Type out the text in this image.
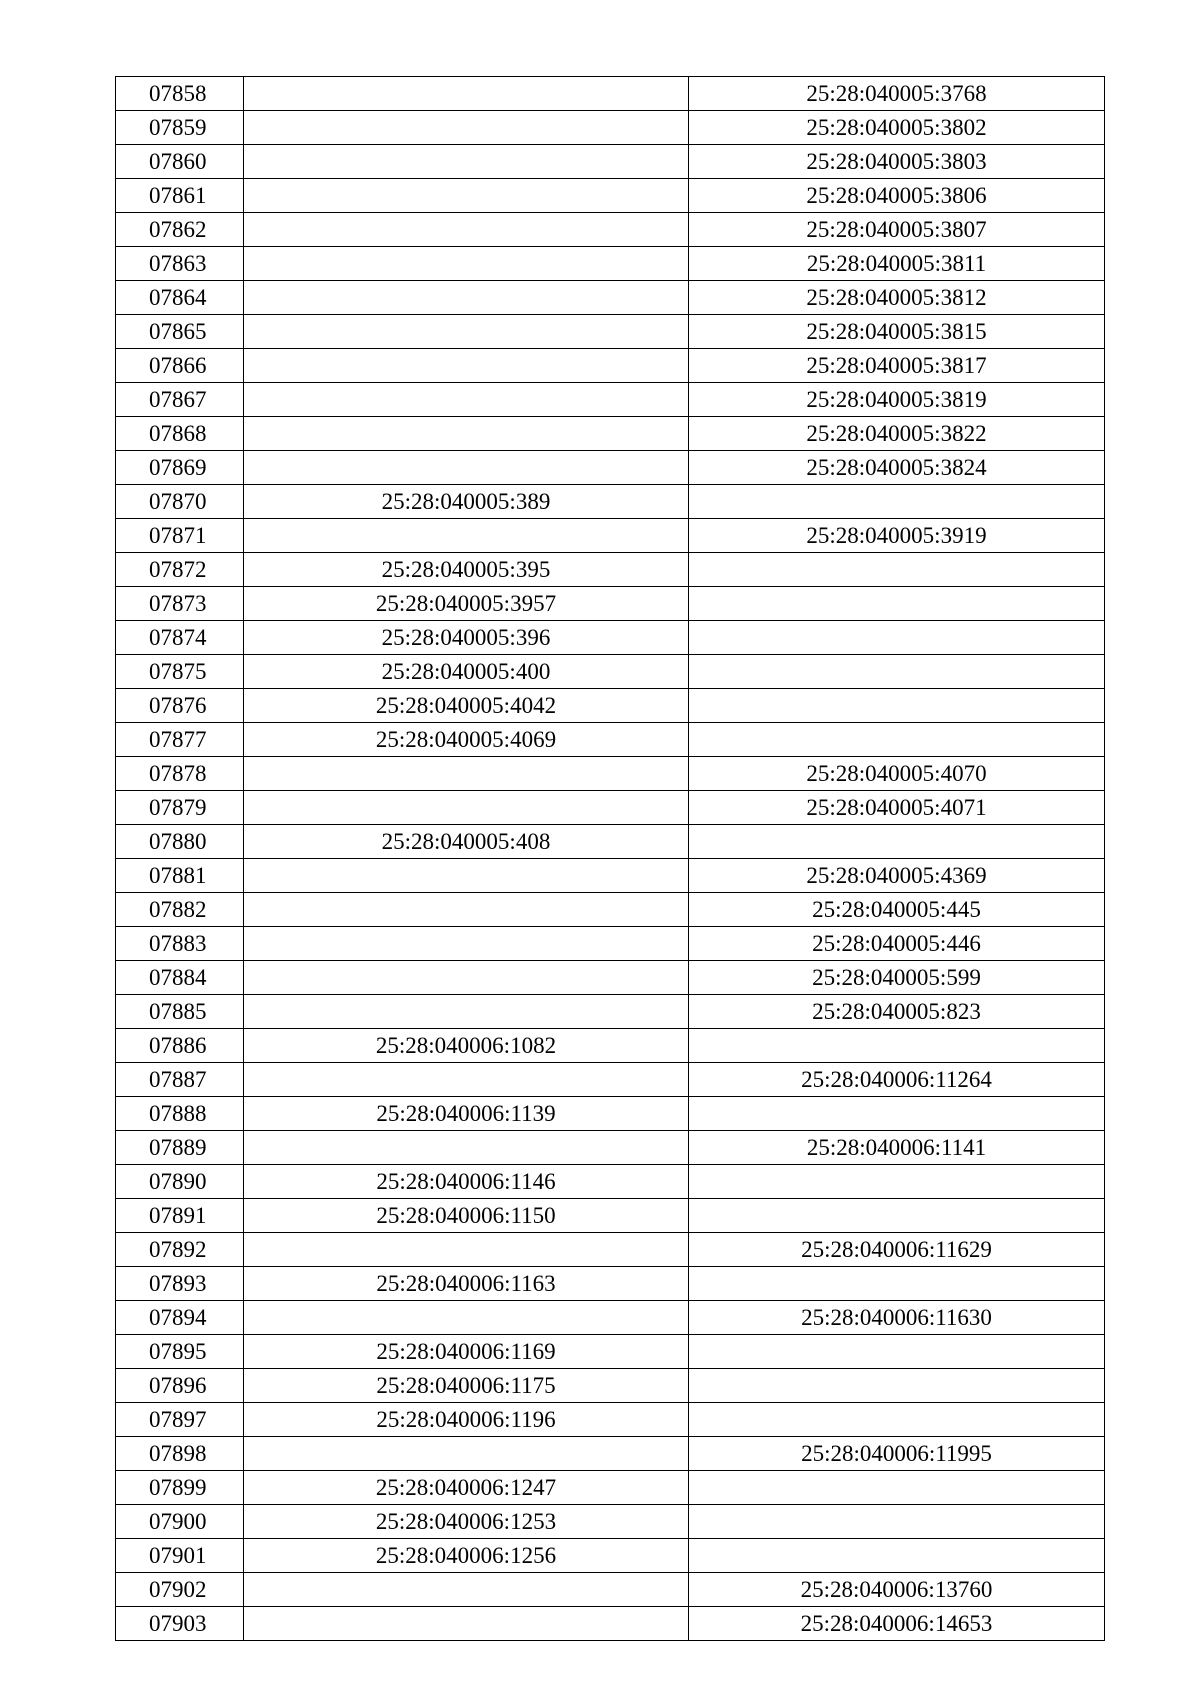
07858		25:28:040005:3768
07859		25:28:040005:3802
07860		25:28:040005:3803
07861		25:28:040005:3806
07862		25:28:040005:3807
07863		25:28:040005:3811
07864		25:28:040005:3812
07865		25:28:040005:3815
07866		25:28:040005:3817
07867		25:28:040005:3819
07868		25:28:040005:3822
07869		25:28:040005:3824
07870	25:28:040005:389	
07871		25:28:040005:3919
07872	25:28:040005:395	
07873	25:28:040005:3957	
07874	25:28:040005:396	
07875	25:28:040005:400	
07876	25:28:040005:4042	
07877	25:28:040005:4069	
07878		25:28:040005:4070
07879		25:28:040005:4071
07880	25:28:040005:408	
07881		25:28:040005:4369
07882		25:28:040005:445
07883		25:28:040005:446
07884		25:28:040005:599
07885		25:28:040005:823
07886	25:28:040006:1082	
07887		25:28:040006:11264
07888	25:28:040006:1139	
07889		25:28:040006:1141
07890	25:28:040006:1146	
07891	25:28:040006:1150	
07892		25:28:040006:11629
07893	25:28:040006:1163	
07894		25:28:040006:11630
07895	25:28:040006:1169	
07896	25:28:040006:1175	
07897	25:28:040006:1196	
07898		25:28:040006:11995
07899	25:28:040006:1247	
07900	25:28:040006:1253	
07901	25:28:040006:1256	
07902		25:28:040006:13760
07903		25:28:040006:14653
